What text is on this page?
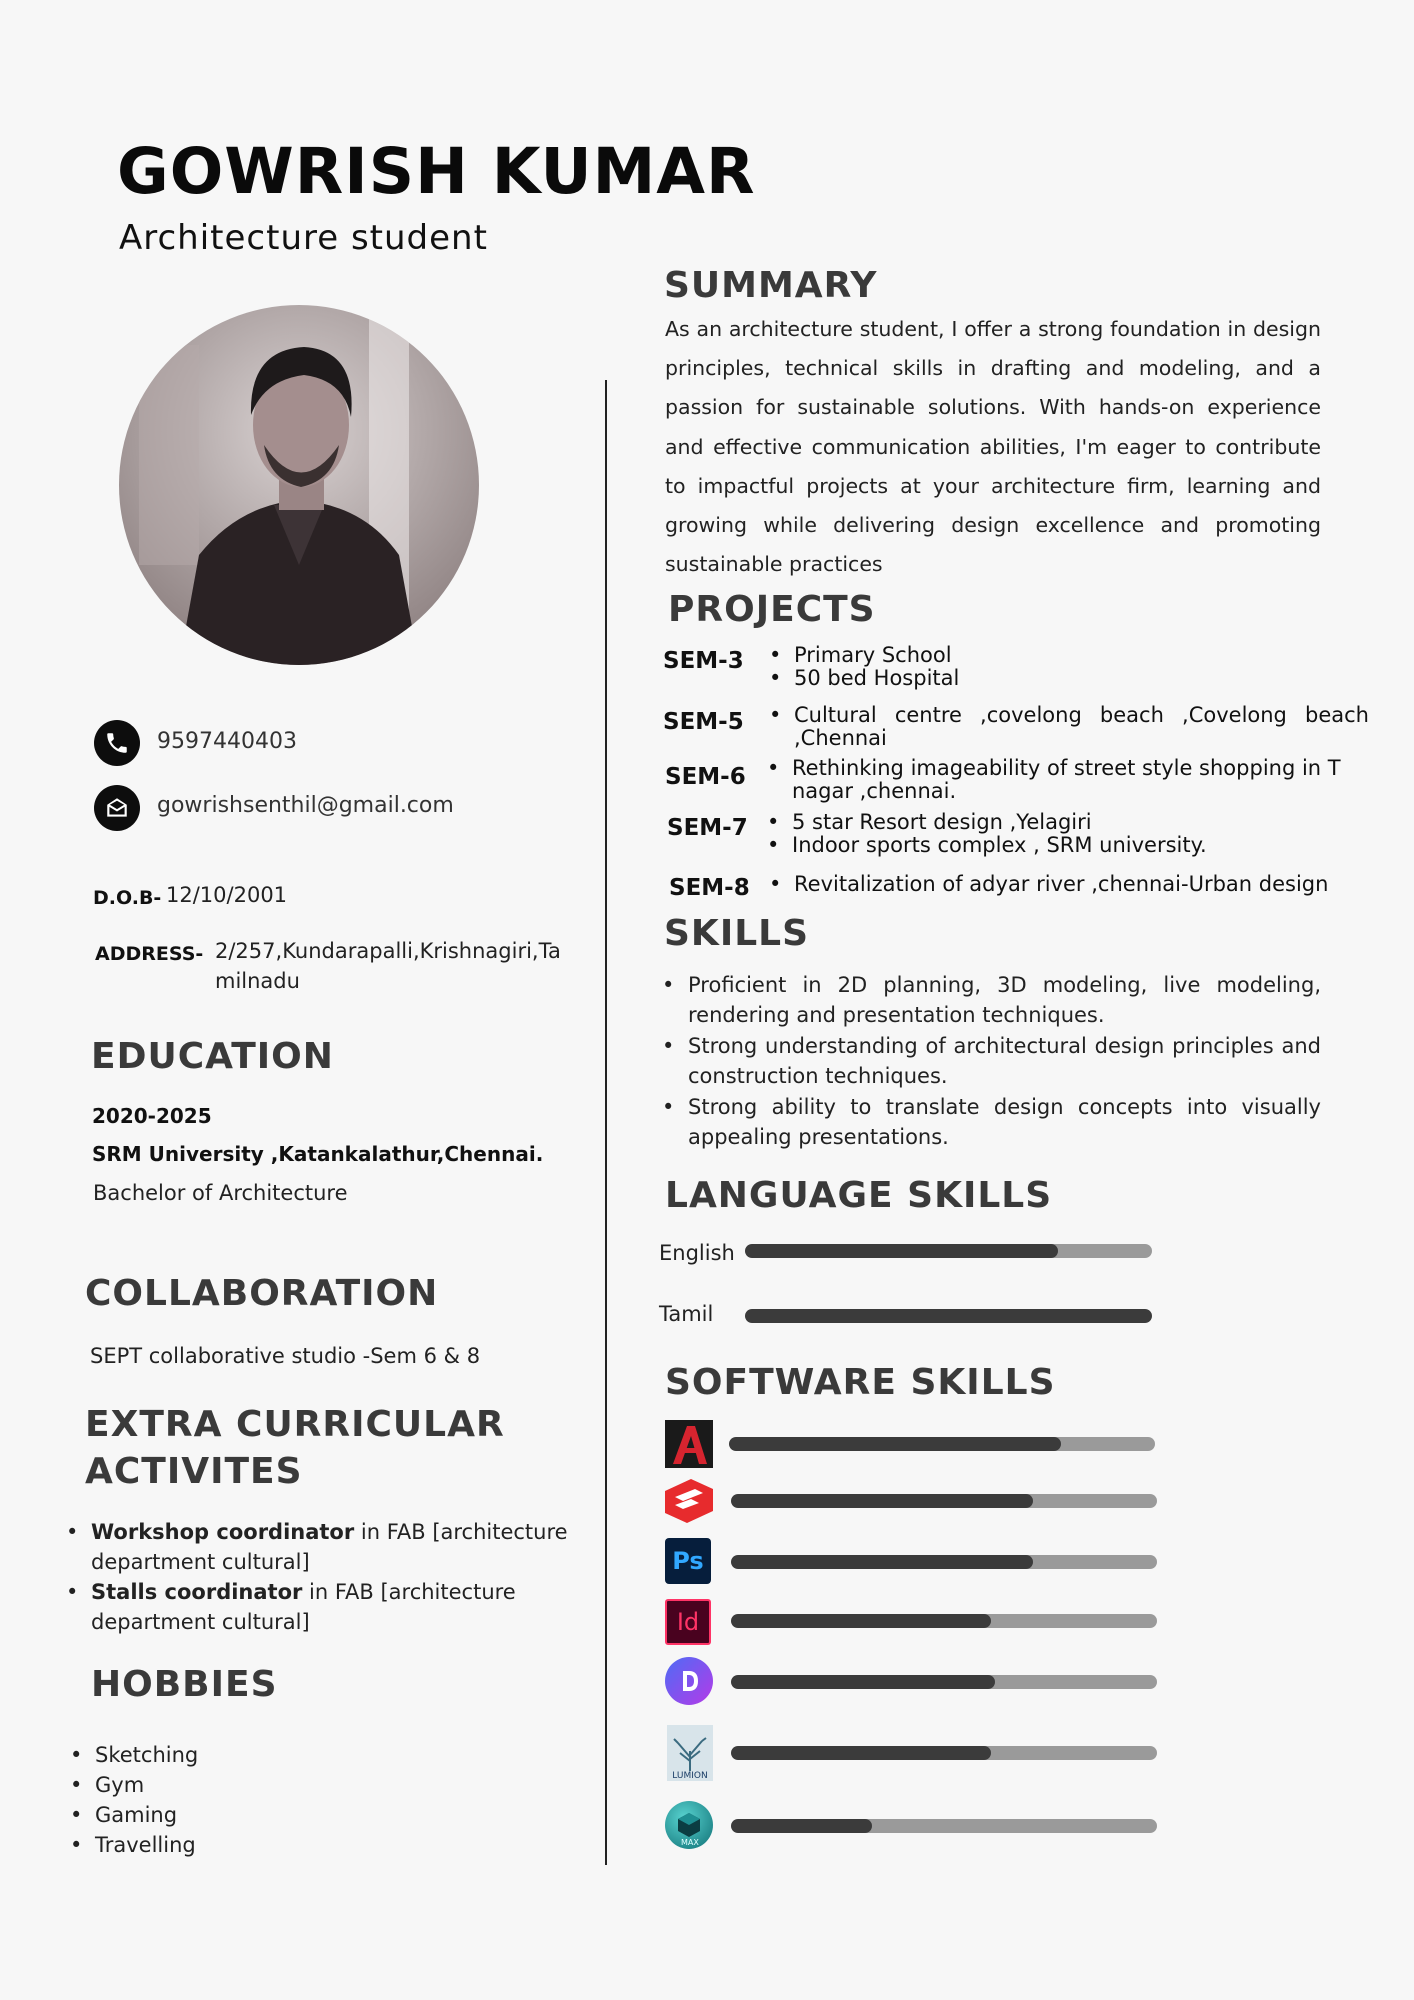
GOWRISH KUMAR
Architecture student
9597440403
gowrishsenthil@gmail.com
D.O.B- 12/10/2001
ADDRESS- 2/257,Kundarapalli,Krishnagiri,Ta
milnadu
EDUCATION
2020-2025
SRM University ,Katankalathur,Chennai.
Bachelor of Architecture
COLLABORATION
SEPT collaborative studio -Sem 6 & 8
EXTRA CURRICULAR
ACTIVITES
• Workshop coordinator in FAB [architecture
department cultural]
• Stalls coordinator in FAB [architecture
department cultural]
HOBBIES
• Sketching
• Gym
• Gaming
• Travelling
SUMMARY
As an architecture student, I offer a strong foundation in design principles, technical skills in drafting and modeling, and a passion for sustainable solutions. With hands-on experience and effective communication abilities, I'm eager to contribute to impactful projects at your architecture firm, learning and growing while delivering design excellence and promoting sustainable practices
PROJECTS
SEM-3 • Primary School
• 50 bed Hospital
SEM-5 • Cultural centre ,covelong beach ,Covelong beach
,Chennai
SEM-6 • Rethinking imageability of street style shopping in T
nagar ,chennai.
SEM-7 • 5 star Resort design ,Yelagiri
• Indoor sports complex , SRM university.
SEM-8 • Revitalization of adyar river ,chennai-Urban design
SKILLS
• Proficient in 2D planning, 3D modeling, live modeling, rendering and presentation techniques.
• Strong understanding of architectural design principles and construction techniques.
• Strong ability to translate design concepts into visually appealing presentations.
LANGUAGE SKILLS
English
Tamil
SOFTWARE SKILLS
Ps
Id
LUMION
MAX
